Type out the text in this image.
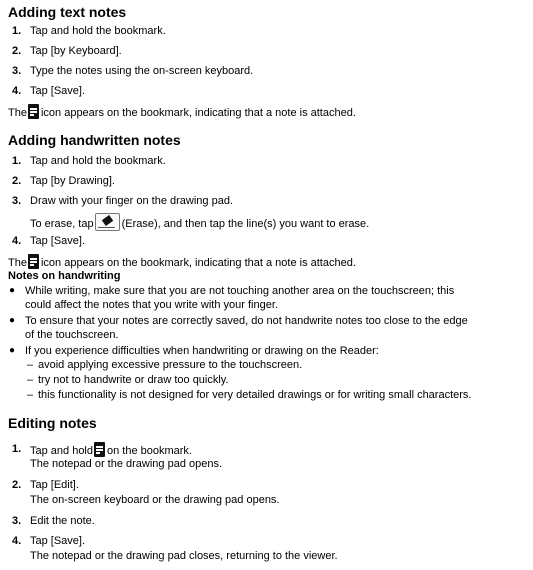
Adding text notes
1. Tap and hold the bookmark.
2. Tap [by Keyboard].
3. Type the notes using the on-screen keyboard.
4. Tap [Save].
The icon appears on the bookmark, indicating that a note is attached.
Adding handwritten notes
1. Tap and hold the bookmark.
2. Tap [by Drawing].
3. Draw with your finger on the drawing pad.
To erase, tap	(Erase), and then tap the line(s) you want to erase.
4. Tap [Save].
The icon appears on the bookmark, indicating that a note is attached.
Notes on handwriting
● While writing, make sure that you are not touching another area on the touchscreen; this
could affect the notes that you write with your finger.
● To ensure that your notes are correctly saved, do not handwrite notes too close to the edge
of the touchscreen.
● If you experience difficulties when handwriting or drawing on the Reader:
– avoid applying excessive pressure to the touchscreen.
– try not to handwrite or draw too quickly.
– this functionality is not designed for very detailed drawings or for writing small characters.
Editing notes
1. Tap and hold on the bookmark.
The notepad or the drawing pad opens.
2. Tap [Edit].
The on-screen keyboard or the drawing pad opens.
3. Edit the note.
4. Tap [Save].
The notepad or the drawing pad closes, returning to the viewer.
